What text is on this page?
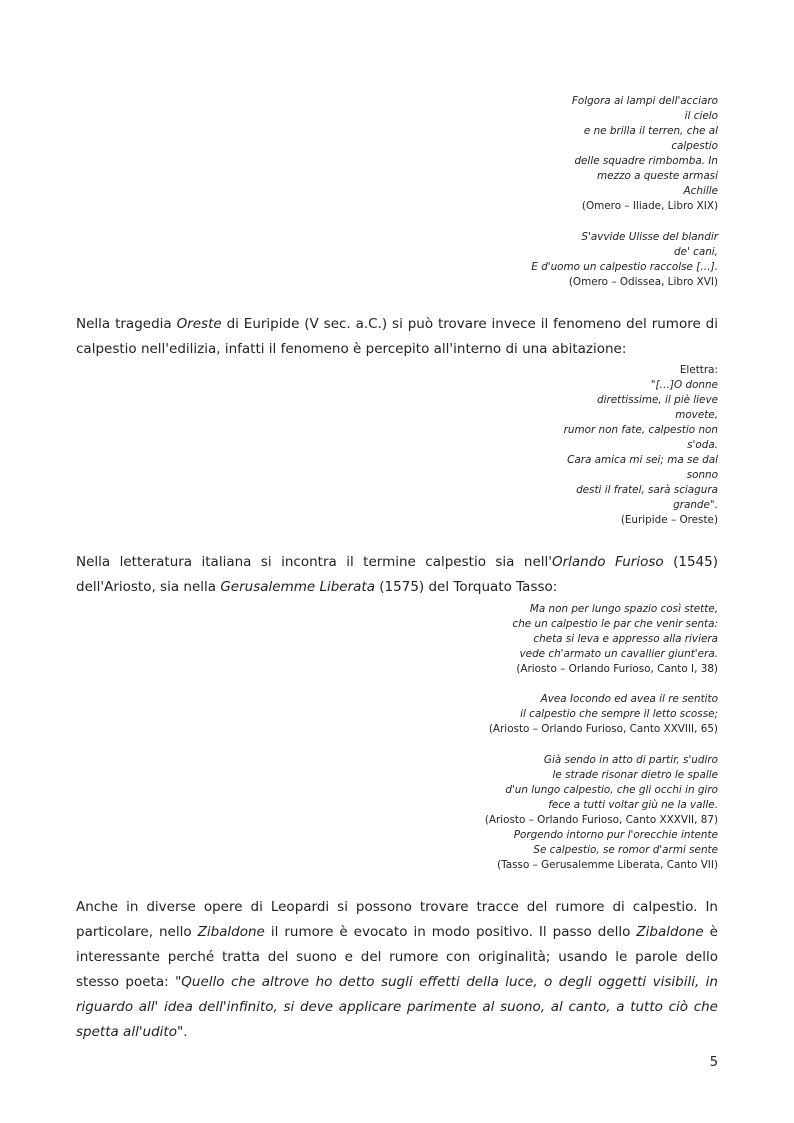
Folgora ai lampi dell'acciaro
il cielo
e ne brilla il terren, che al
calpestio
delle squadre rimbomba. In
mezzo a queste armasi
Achille
(Omero – Iliade, Libro XIX)
S'avvide Ulisse del blandir
de' cani,
E d'uomo un calpestio raccolse […].
(Omero – Odissea, Libro XVI)

Nella tragedia Oreste di Euripide (V sec. a.C.) si può trovare invece il fenomeno del rumore di calpestio nell'edilizia, infatti il fenomeno è percepito all'interno di una abitazione:

Elettra:
"[…]O donne
direttissime, il piè lieve
movete,
rumor non fate, calpestio non
s'oda.
Cara amica mi sei; ma se dal
sonno
desti il fratel, sarà sciagura
grande".
(Euripide – Oreste)

Nella letteratura italiana si incontra il termine calpestio sia nell'Orlando Furioso (1545) dell'Ariosto, sia nella Gerusalemme Liberata (1575) del Torquato Tasso:

Ma non per lungo spazio così stette,
che un calpestio le par che venir senta:
cheta si leva e appresso alla riviera
vede ch'armato un cavallier giunt'era.
(Ariosto – Orlando Furioso, Canto I, 38)
Avea Iocondo ed avea il re sentito
il calpestio che sempre il letto scosse;
(Ariosto – Orlando Furioso, Canto XXVIII, 65)
Già sendo in atto di partir, s'udiro
le strade risonar dietro le spalle
d'un lungo calpestio, che gli occhi in giro
fece a tutti voltar giù ne la valle.
(Ariosto – Orlando Furioso, Canto XXXVII, 87)
Porgendo intorno pur l'orecchie intente
Se calpestio, se romor d'armi sente
(Tasso – Gerusalemme Liberata, Canto VII)

Anche in diverse opere di Leopardi si possono trovare tracce del rumore di calpestio. In particolare, nello Zibaldone il rumore è evocato in modo positivo. Il passo dello Zibaldone è interessante perché tratta del suono e del rumore con originalità; usando le parole dello stesso poeta: "Quello che altrove ho detto sugli effetti della luce, o degli oggetti visibili, in riguardo all' idea dell'infinito, si deve applicare parimente al suono, al canto, a tutto ciò che spetta all'udito".

5
